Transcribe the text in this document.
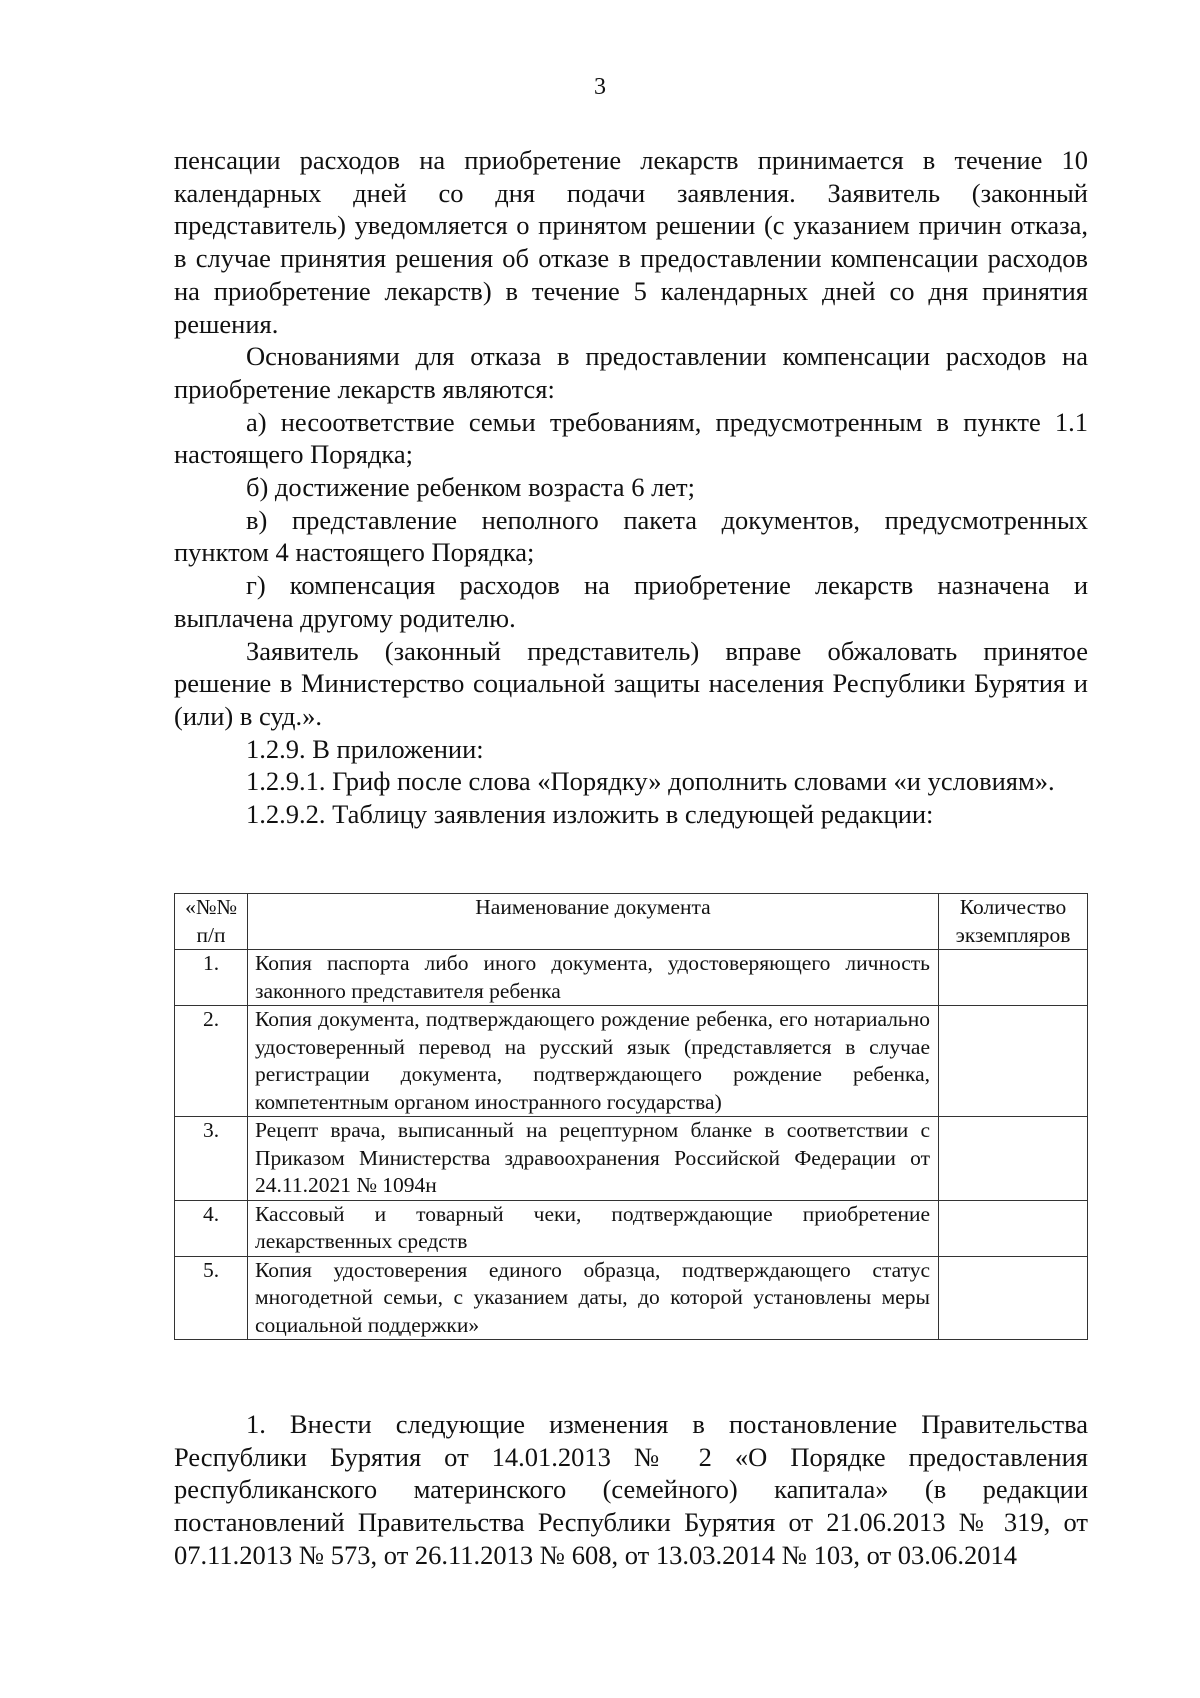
3

пенсации расходов на приобретение лекарств принимается в течение 10 календарных дней со дня подачи заявления. Заявитель (законный представитель) уведомляется о принятом решении (с указанием причин отказа, в случае принятия решения об отказе в предоставлении компенсации расходов на приобретение лекарств) в течение 5 календарных дней со дня принятия решения.

Основаниями для отказа в предоставлении компенсации расходов на приобретение лекарств являются:

а) несоответствие семьи требованиям, предусмотренным в пункте 1.1 настоящего Порядка;

б) достижение ребенком возраста 6 лет;

в) представление неполного пакета документов, предусмотренных пунктом 4 настоящего Порядка;

г) компенсация расходов на приобретение лекарств назначена и выплачена другому родителю.

Заявитель (законный представитель) вправе обжаловать принятое решение в Министерство социальной защиты населения Республики Бурятия и (или) в суд.».

1.2.9. В приложении:

1.2.9.1. Гриф после слова «Порядку» дополнить словами «и условиям».

1.2.9.2. Таблицу заявления изложить в следующей редакции:

«№№ п/п	Наименование документа	Количество экземпляров
1.	Копия паспорта либо иного документа, удостоверяющего личность законного представителя ребенка	
2.	Копия документа, подтверждающего рождение ребенка, его нотариально удостоверенный перевод на русский язык (представляется в случае регистрации документа, подтверждающего рождение ребенка, компетентным органом иностранного государства)	
3.	Рецепт врача, выписанный на рецептурном бланке в соответствии с Приказом Министерства здравоохранения Российской Федерации от 24.11.2021 № 1094н	
4.	Кассовый и товарный чеки, подтверждающие приобретение лекарственных средств	
5.	Копия удостоверения единого образца, подтверждающего статус многодетной семьи, с указанием даты, до которой установлены меры социальной поддержки»	

1. Внести следующие изменения в постановление Правительства Республики Бурятия от 14.01.2013 № 2 «О Порядке предоставления республиканского материнского (семейного) капитала» (в редакции постановлений Правительства Республики Бурятия от 21.06.2013 № 319, от 07.11.2013 № 573, от 26.11.2013 № 608, от 13.03.2014 № 103, от 03.06.2014
